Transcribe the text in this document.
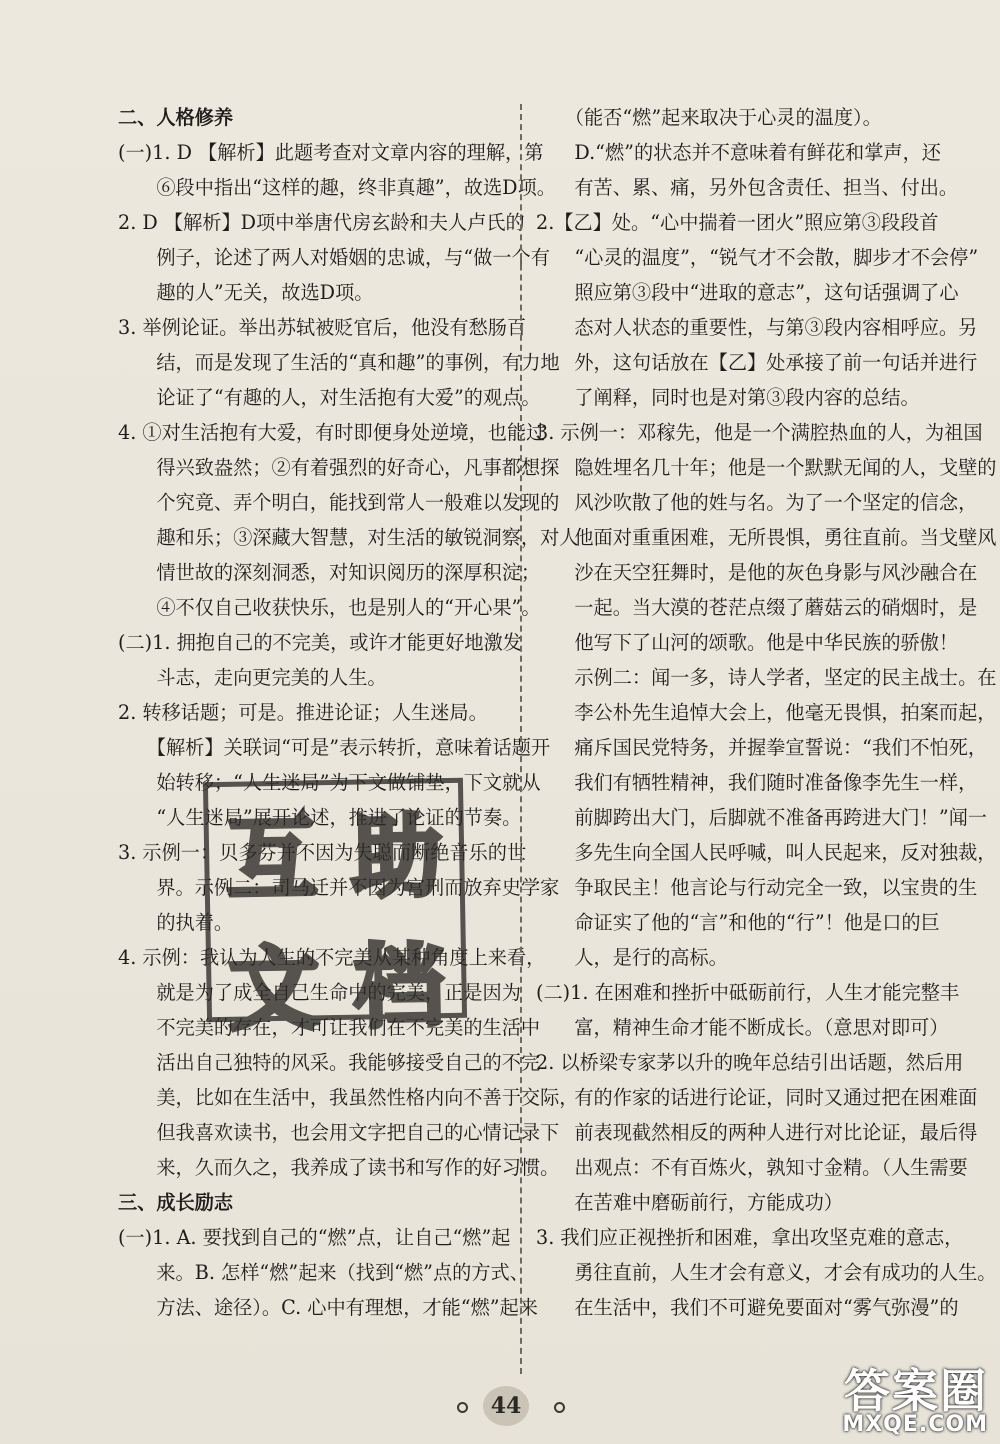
二、人格修养
(一)1. D 【解析】此题考查对文章内容的理解，第
　　⑥段中指出“这样的趣，终非真趣”，故选D项。
2. D 【解析】D项中举唐代房玄龄和夫人卢氏的
　　例子，论述了两人对婚姻的忠诚，与“做一个有
　　趣的人”无关，故选D项。
3. 举例论证。举出苏轼被贬官后，他没有愁肠百
　　结，而是发现了生活的“真和趣”的事例，有力地
　　论证了“有趣的人，对生活抱有大爱”的观点。
4. ①对生活抱有大爱，有时即便身处逆境，也能过
　　得兴致盎然；②有着强烈的好奇心，凡事都想探
　　个究竟、弄个明白，能找到常人一般难以发现的
　　趣和乐；③深藏大智慧，对生活的敏锐洞察，对人
　　情世故的深刻洞悉，对知识阅历的深厚积淀；
　　④不仅自己收获快乐，也是别人的“开心果”。
(二)1. 拥抱自己的不完美，或许才能更好地激发
　　斗志，走向更完美的人生。
2. 转移话题；可是。推进论证；人生迷局。
　　【解析】关联词“可是”表示转折，意味着话题开
　　始转移；“人生迷局”为下文做铺垫，下文就从
　　“人生迷局”展开论述，推进了论证的节奏。
3. 示例一：贝多芬并不因为失聪而断绝音乐的世
　　界。示例二：司马迁并不因为宫刑而放弃史学家
　　的执着。
4. 示例：我认为人生的不完美从某种角度上来看，
　　就是为了成全自己生命中的完美，正是因为
　　不完美的存在，才可让我们在不完美的生活中
　　活出自己独特的风采。我能够接受自己的不完
　　美，比如在生活中，我虽然性格内向不善于交际，
　　但我喜欢读书，也会用文字把自己的心情记录下
　　来，久而久之，我养成了读书和写作的好习惯。
三、成长励志
(一)1. A. 要找到自己的“燃”点，让自己“燃”起
　　来。B. 怎样“燃”起来（找到“燃”点的方式、
　　方法、途径）。C. 心中有理想，才能“燃”起来
　　（能否“燃”起来取决于心灵的温度）。
　　D.“燃”的状态并不意味着有鲜花和掌声，还
　　有苦、累、痛，另外包含责任、担当、付出。
2.【乙】处。“心中揣着一团火”照应第③段段首
　　“心灵的温度”，“锐气才不会散，脚步才不会停”
　　照应第③段中“进取的意志”，这句话强调了心
　　态对人状态的重要性，与第③段内容相呼应。另
　　外，这句话放在【乙】处承接了前一句话并进行
　　了阐释，同时也是对第③段内容的总结。
3. 示例一：邓稼先，他是一个满腔热血的人，为祖国
　　隐姓埋名几十年；他是一个默默无闻的人，戈壁的
　　风沙吹散了他的姓与名。为了一个坚定的信念，
　　他面对重重困难，无所畏惧，勇往直前。当戈壁风
　　沙在天空狂舞时，是他的灰色身影与风沙融合在
　　一起。当大漠的苍茫点缀了蘑菇云的硝烟时，是
　　他写下了山河的颂歌。他是中华民族的骄傲！
　　示例二：闻一多，诗人学者，坚定的民主战士。在
　　李公朴先生追悼大会上，他毫无畏惧，拍案而起，
　　痛斥国民党特务，并握拳宣誓说：“我们不怕死，
　　我们有牺牲精神，我们随时准备像李先生一样，
　　前脚跨出大门，后脚就不准备再跨进大门！”闻一
　　多先生向全国人民呼喊，叫人民起来，反对独裁，
　　争取民主！他言论与行动完全一致，以宝贵的生
　　命证实了他的“言”和他的“行”！他是口的巨
　　人，是行的高标。
(二)1. 在困难和挫折中砥砺前行，人生才能完整丰
　　富，精神生命才能不断成长。（意思对即可）
2. 以桥梁专家茅以升的晚年总结引出话题，然后用
　　有的作家的话进行论证，同时又通过把在困难面
　　前表现截然相反的两种人进行对比论证，最后得
　　出观点：不有百炼火，孰知寸金精。（人生需要
　　在苦难中磨砺前行，方能成功）
3. 我们应正视挫折和困难，拿出攻坚克难的意志，
　　勇往直前，人生才会有意义，才会有成功的人生。
　　在生活中，我们不可避免要面对“雾气弥漫”的
互 助
文 档
44	答案圈
MXQE.COM
